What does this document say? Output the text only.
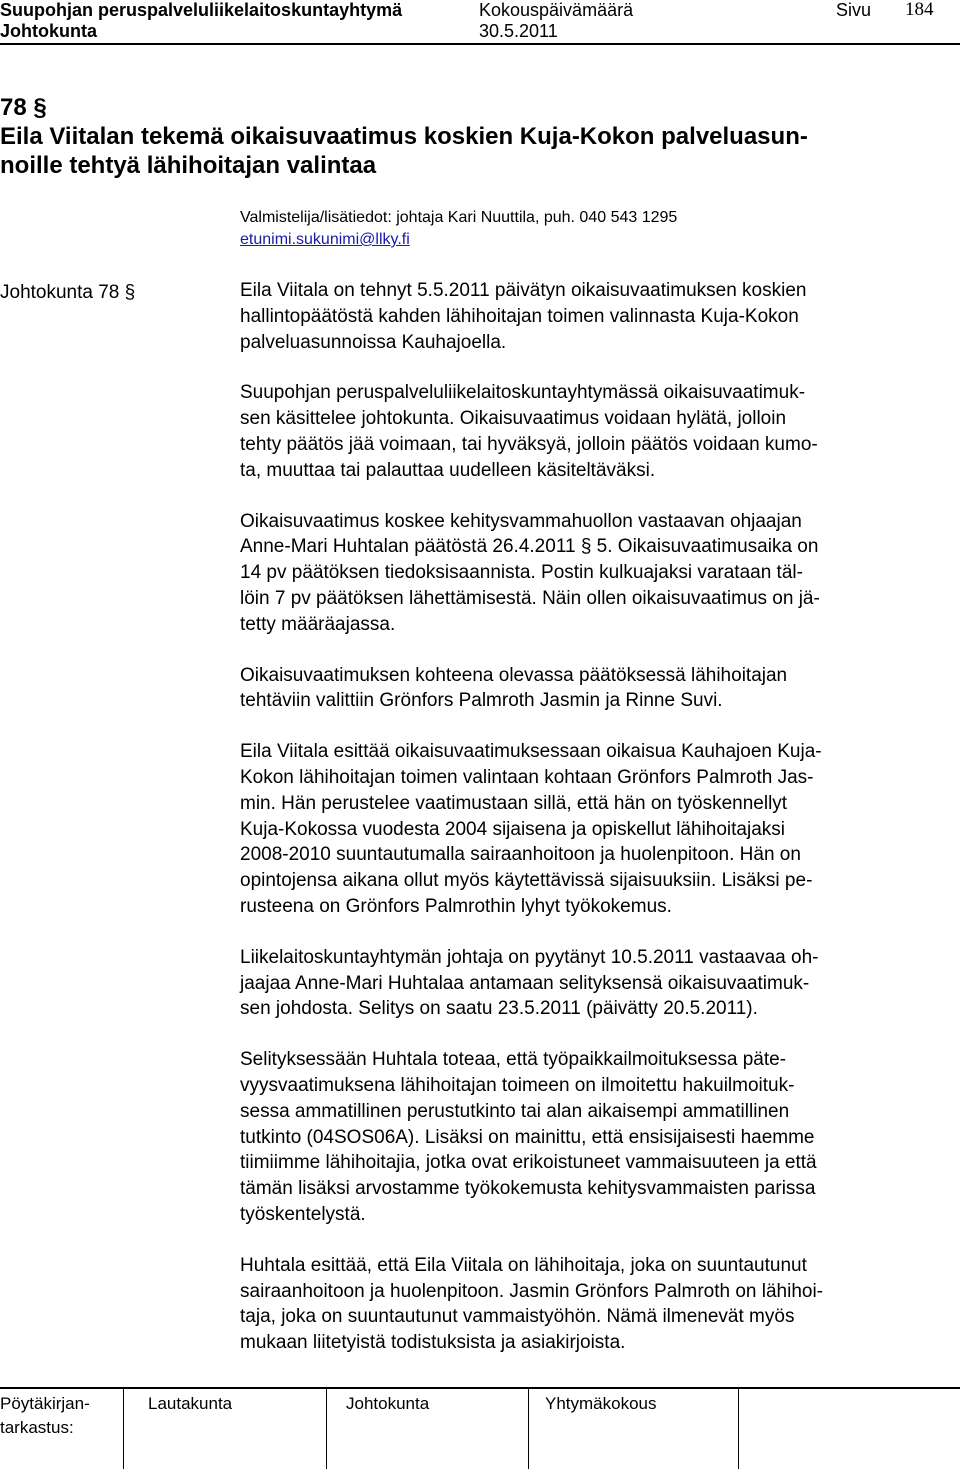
Suupohjan peruspalveluliikelaitoskuntayhtymä
Johtokunta
Kokouspäivämäärä
30.5.2011
Sivu 184
78 §
Eila Viitalan tekemä oikaisuvaatimus koskien Kuja-Kokon palveluasun-
noille tehtyä lähihoitajan valintaa
Valmistelija/lisätiedot: johtaja Kari Nuuttila, puh. 040 543 1295
etunimi.sukunimi@llky.fi
Johtokunta 78 §	Eila Viitala on tehnyt 5.5.2011 päivätyn oikaisuvaatimuksen koskien
hallintopäätöstä kahden lähihoitajan toimen valinnasta Kuja-Kokon
palveluasunnoissa Kauhajoella.

Suupohjan peruspalveluliikelaitoskuntayhtymässä oikaisuvaatimuk-
sen käsittelee johtokunta. Oikaisuvaatimus voidaan hylätä, jolloin
tehty päätös jää voimaan, tai hyväksyä, jolloin päätös voidaan kumo-
ta, muuttaa tai palauttaa uudelleen käsiteltäväksi.

Oikaisuvaatimus koskee kehitysvammahuollon vastaavan ohjaajan
Anne-Mari Huhtalan päätöstä 26.4.2011 § 5. Oikaisuvaatimusaika on
14 pv päätöksen tiedoksisaannista. Postin kulkuajaksi varataan täl-
löin 7 pv päätöksen lähettämisestä. Näin ollen oikaisuvaatimus on jä-
tetty määräajassa.

Oikaisuvaatimuksen kohteena olevassa päätöksessä lähihoitajan
tehtäviin valittiin Grönfors Palmroth Jasmin ja Rinne Suvi.

Eila Viitala esittää oikaisuvaatimuksessaan oikaisua Kauhajoen Kuja-
Kokon lähihoitajan toimen valintaan kohtaan Grönfors Palmroth Jas-
min. Hän perustelee vaatimustaan sillä, että hän on työskennellyt
Kuja-Kokossa vuodesta 2004 sijaisena ja opiskellut lähihoitajaksi
2008-2010 suuntautumalla sairaanhoitoon ja huolenpitoon. Hän on
opintojensa aikana ollut myös käytettävissä sijaisuuksiin. Lisäksi pe-
rusteena on Grönfors Palmrothin lyhyt työkokemus.

Liikelaitoskuntayhtymän johtaja on pyytänyt 10.5.2011 vastaavaa oh-
jaajaa Anne-Mari Huhtalaa antamaan selityksensä oikaisuvaatimuk-
sen johdosta. Selitys on saatu 23.5.2011 (päivätty 20.5.2011).

Selityksessään Huhtala toteaa, että työpaikkailmoituksessa päte-
vyysvaatimuksena lähihoitajan toimeen on ilmoitettu hakuilmoituk-
sessa ammatillinen perustutkinto tai alan aikaisempi ammatillinen
tutkinto (04SOS06A). Lisäksi on mainittu, että ensisijaisesti haemme
tiimiimme lähihoitajia, jotka ovat erikoistuneet vammaisuuteen ja että
tämän lisäksi arvostamme työkokemusta kehitysvammaisten parissa
työskentelystä.

Huhtala esittää, että Eila Viitala on lähihoitaja, joka on suuntautunut
sairaanhoitoon ja huolenpitoon. Jasmin Grönfors Palmroth on lähihoi-
taja, joka on suuntautunut vammaistyöhön. Nämä ilmenevät myös
mukaan liitetyistä todistuksista ja asiakirjoista.

Pöytäkirjan-
tarkastus:
Lautakunta	Johtokunta	Yhtymäkokous
